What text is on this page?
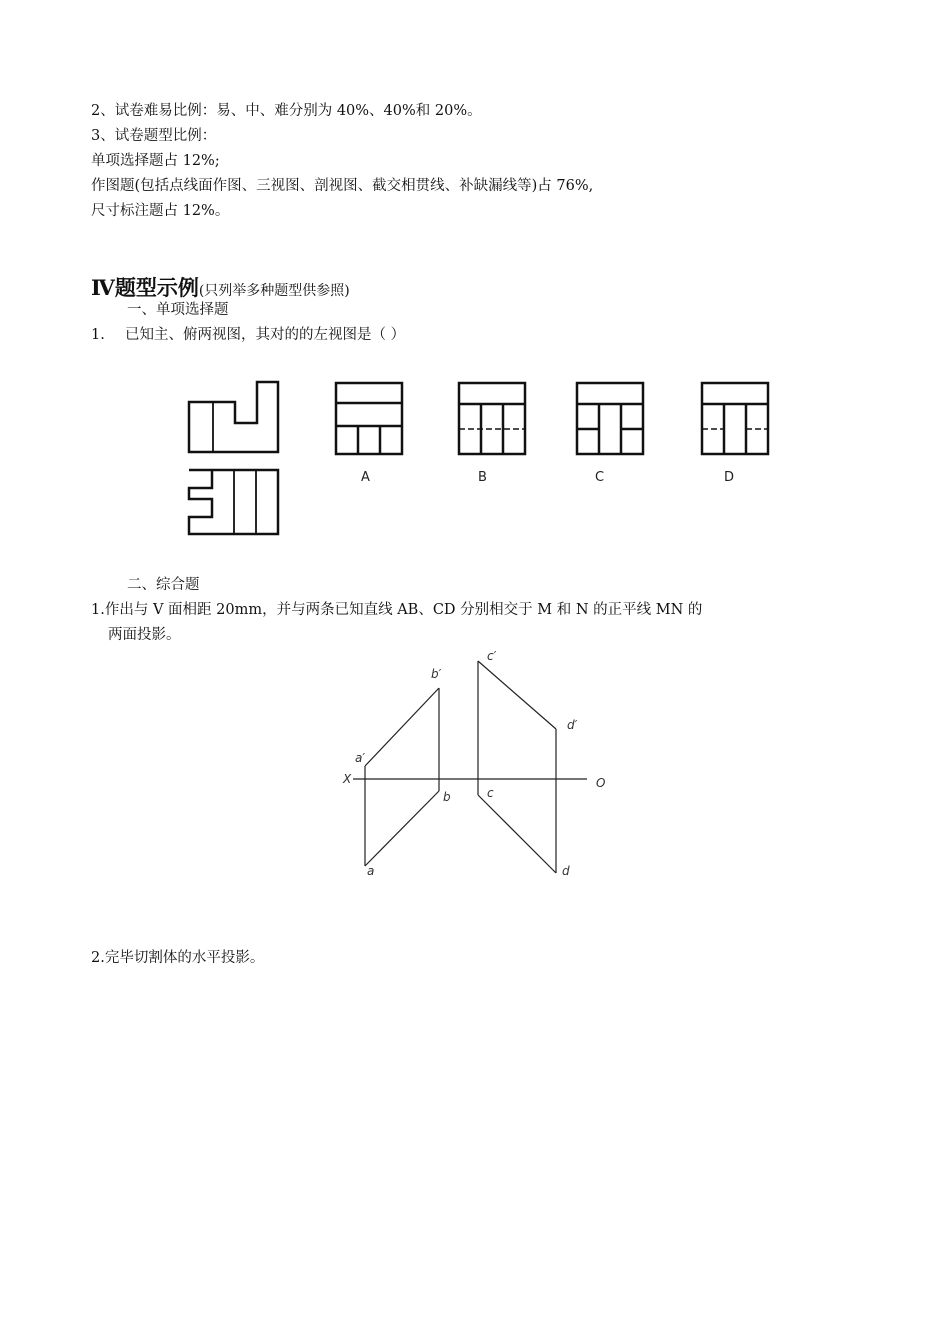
2、试卷难易比例：易、中、难分别为 40%、40%和 20%。
3、试卷题型比例：
单项选择题占 12%;
作图题(包括点线面作图、三视图、剖视图、截交相贯线、补缺漏线等)占 76%,
尺寸标注题占 12%。
Ⅳ题型示例(只列举多种题型供参照)
一、单项选择题
1. 已知主、俯两视图，其对的的左视图是（ ）
A	B	C	D
二、综合题
1.作出与 V 面相距 20mm，并与两条已知直线 AB、CD 分别相交于 M 和 N 的正平线 MN 的
两面投影。
a′
b′
c′
d′
X	O
b	c
a	d
2.完毕切割体的水平投影。
